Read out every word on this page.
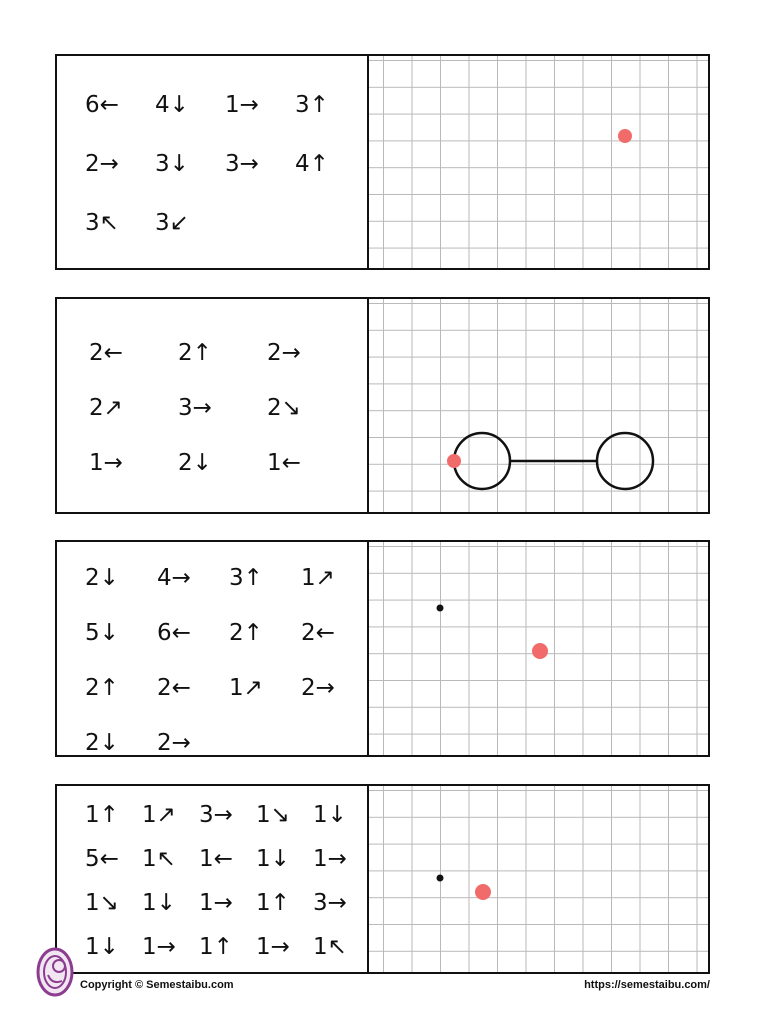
6←	4↓	1→	3↑
2→	3↓	3→	4↑
3↖	3↙
2←	2↑	2→
2↗	3→	2↘
1→	2↓	1←
2↓	4→	3↑	1↗
5↓	6←	2↑	2←
2↑	2←	1↗	2→
2↓	2→
1↑	1↗	3→	1↘	1↓
5←	1↖	1←	1↓	1→
1↘	1↓	1→	1↑	3→
1↓	1→	1↑	1→	1↖
Copyright © Semestaibu.com	https://semestaibu.com/
